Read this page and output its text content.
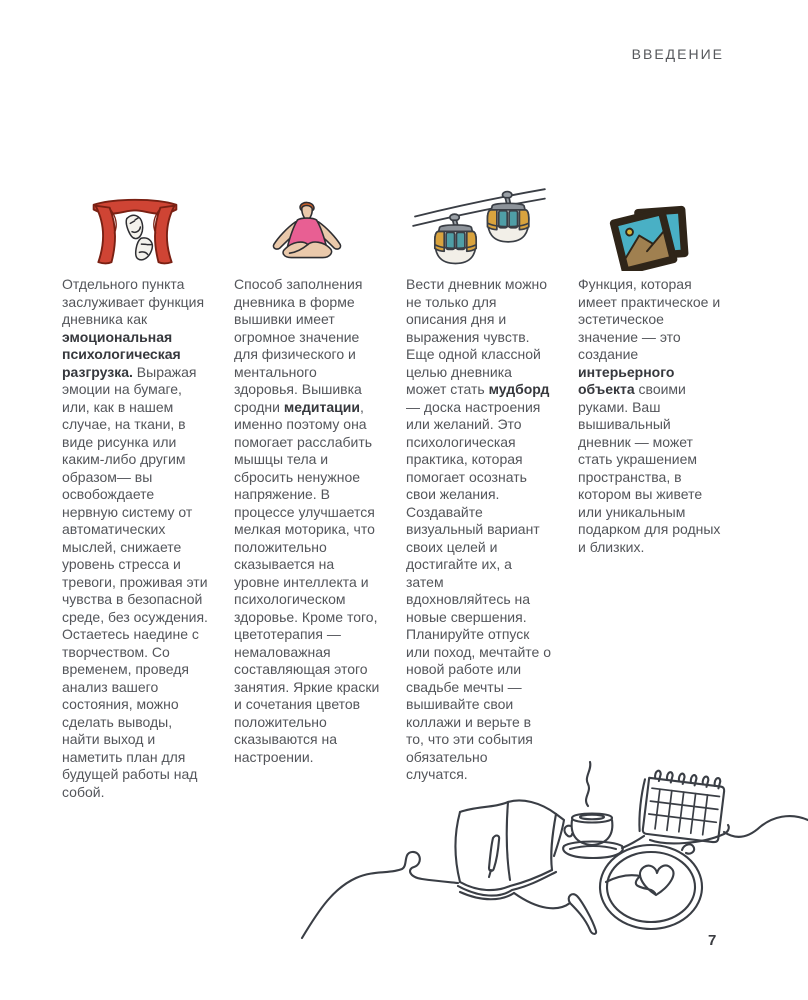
ВВЕДЕНИЕ
Отдельного пункта заслуживает функция дневника как эмоциональная психологическая разгрузка. Выражая эмоции на бумаге, или, как в нашем случае, на ткани, в виде рисунка или каким-либо другим образом— вы освобождаете нервную систему от автоматических мыслей, снижаете уровень стресса и тревоги, проживая эти чувства в безопасной среде, без осуждения. Остаетесь наедине с творчеством. Со временем, проведя анализ вашего состояния, можно сделать выводы, найти выход и наметить план для будущей работы над собой.
Способ заполнения дневника в форме вышивки имеет огромное значение для физического и ментального здоровья. Вышивка сродни медитации, именно поэтому она помогает расслабить мышцы тела и сбросить ненужное напряжение. В процессе улучшается мелкая моторика, что положительно сказывается на уровне интеллекта и психологическом здоровье. Кроме того, цветотерапия — немаловажная составляющая этого занятия. Яркие краски и сочетания цветов положительно сказываются на настроении.
Вести дневник можно не только для описания дня и выражения чувств. Еще одной классной целью дневника может стать мудборд — доска настроения или желаний. Это психологическая практика, которая помогает осознать свои желания. Создавайте визуальный вариант своих целей и достигайте их, а затем вдохновляйтесь на новые свершения. Планируйте отпуск или поход, мечтайте о новой работе или свадьбе мечты — вышивайте свои коллажи и верьте в то, что эти события обязательно случатся.
Функция, которая имеет практическое и эстетическое значение — это создание интерьерного объекта своими руками. Ваш вышивальный дневник — может стать украшением пространства, в котором вы живете или уникальным подарком для родных и близких.
7
